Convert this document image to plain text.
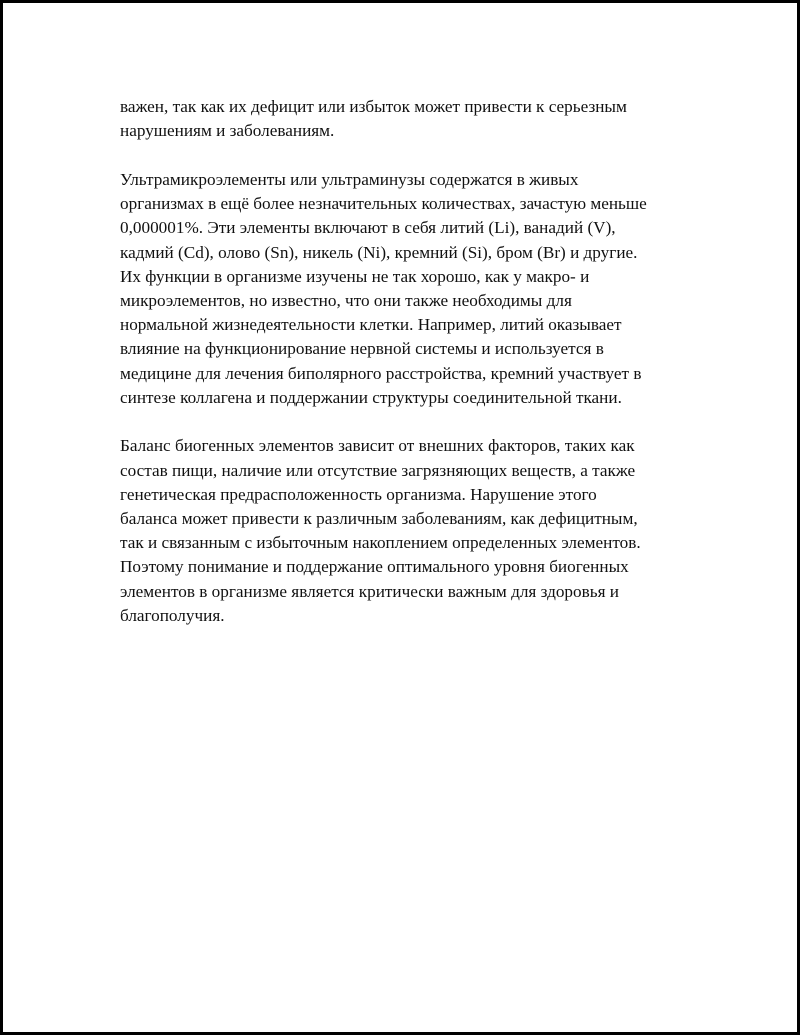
важен, так как их дефицит или избыток может привести к серьезным
нарушениям и заболеваниям.

Ультрамикроэлементы или ультраминузы содержатся в живых
организмах в ещё более незначительных количествах, зачастую меньше
0,000001%. Эти элементы включают в себя литий (Li), ванадий (V),
кадмий (Cd), олово (Sn), никель (Ni), кремний (Si), бром (Br) и другие.
Их функции в организме изучены не так хорошо, как у макро- и
микроэлементов, но известно, что они также необходимы для
нормальной жизнедеятельности клетки. Например, литий оказывает
влияние на функционирование нервной системы и используется в
медицине для лечения биполярного расстройства, кремний участвует в
синтезе коллагена и поддержании структуры соединительной ткани.

Баланс биогенных элементов зависит от внешних факторов, таких как
состав пищи, наличие или отсутствие загрязняющих веществ, а также
генетическая предрасположенность организма. Нарушение этого
баланса может привести к различным заболеваниям, как дефицитным,
так и связанным с избыточным накоплением определенных элементов.
Поэтому понимание и поддержание оптимального уровня биогенных
элементов в организме является критически важным для здоровья и
благополучия.
